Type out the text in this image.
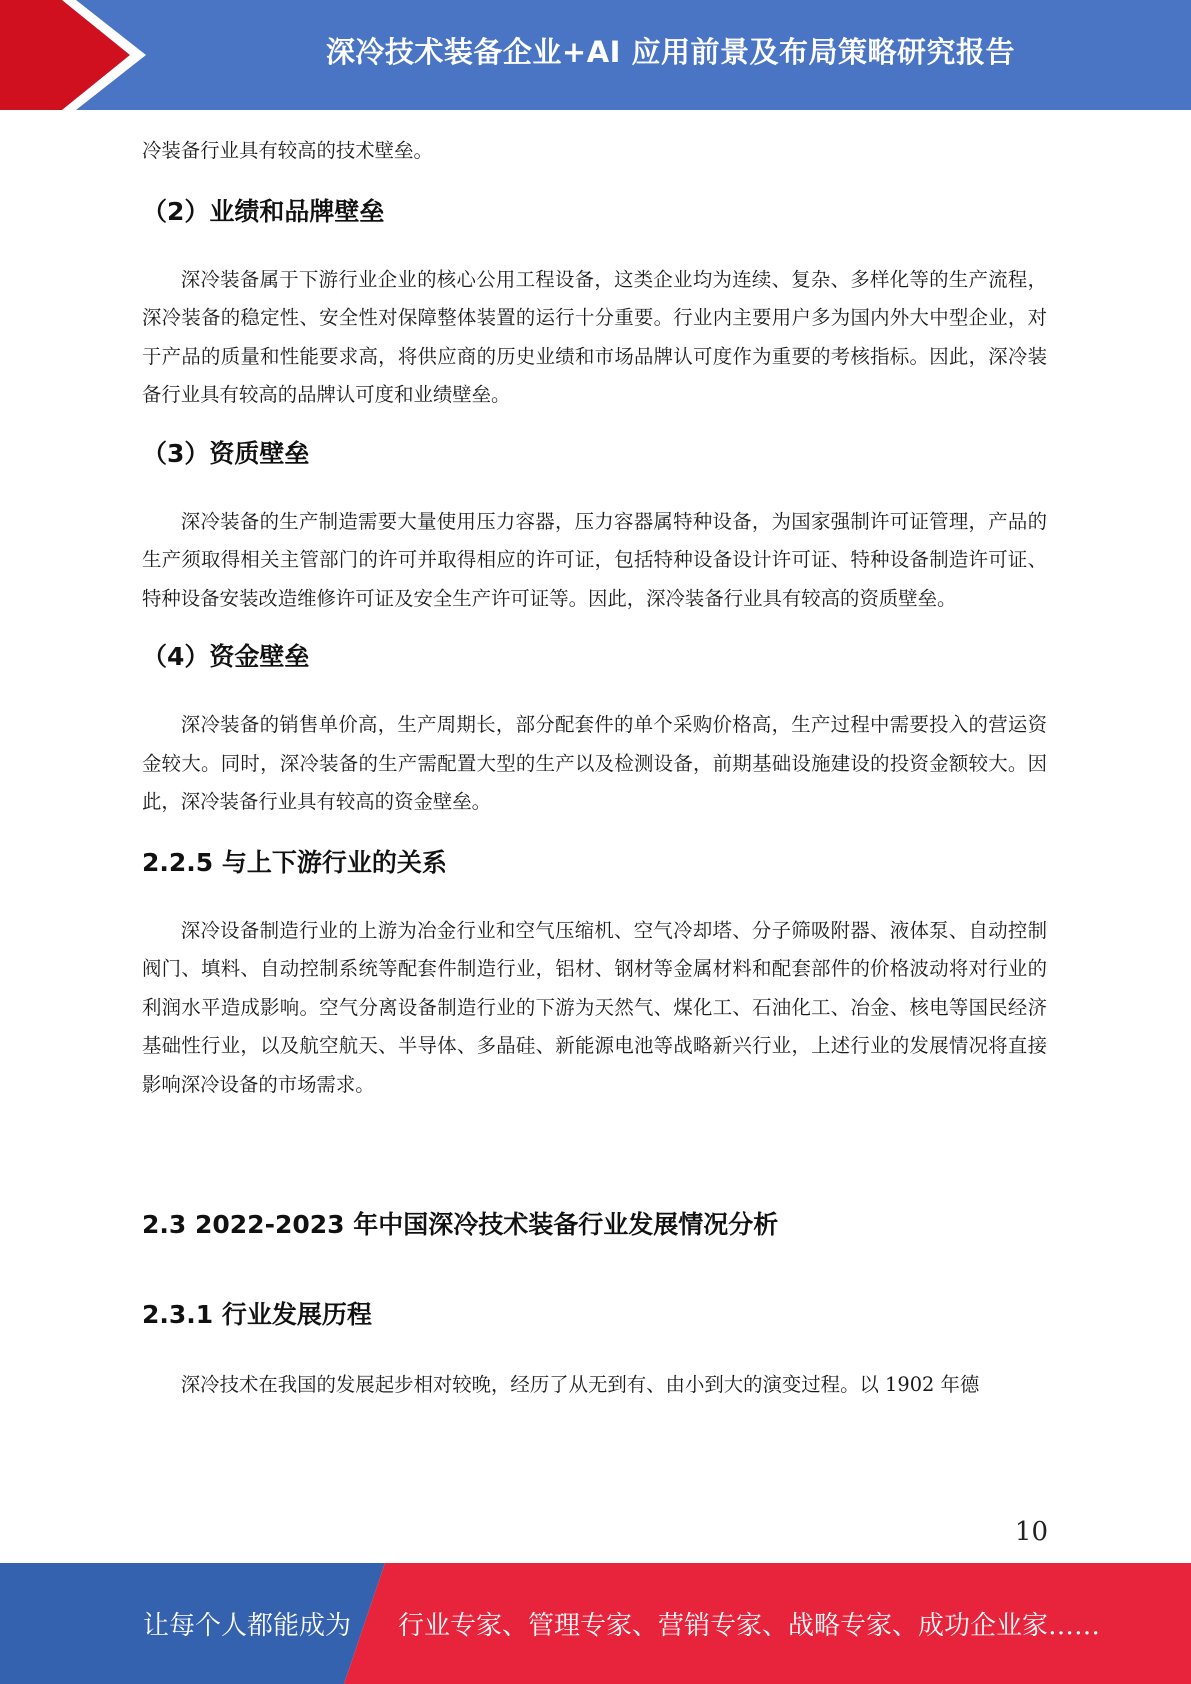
深冷技术装备企业+AI 应用前景及布局策略研究报告

冷装备行业具有较高的技术壁垒。

（2）业绩和品牌壁垒

深冷装备属于下游行业企业的核心公用工程设备，这类企业均为连续、复杂、多样化等的生产流程，深冷装备的稳定性、安全性对保障整体装置的运行十分重要。行业内主要用户多为国内外大中型企业，对于产品的质量和性能要求高，将供应商的历史业绩和市场品牌认可度作为重要的考核指标。因此，深冷装备行业具有较高的品牌认可度和业绩壁垒。

（3）资质壁垒

深冷装备的生产制造需要大量使用压力容器，压力容器属特种设备，为国家强制许可证管理，产品的生产须取得相关主管部门的许可并取得相应的许可证，包括特种设备设计许可证、特种设备制造许可证、特种设备安装改造维修许可证及安全生产许可证等。因此，深冷装备行业具有较高的资质壁垒。

（4）资金壁垒

深冷装备的销售单价高，生产周期长，部分配套件的单个采购价格高，生产过程中需要投入的营运资金较大。同时，深冷装备的生产需配置大型的生产以及检测设备，前期基础设施建设的投资金额较大。因此，深冷装备行业具有较高的资金壁垒。

2.2.5 与上下游行业的关系

深冷设备制造行业的上游为冶金行业和空气压缩机、空气冷却塔、分子筛吸附器、液体泵、自动控制阀门、填料、自动控制系统等配套件制造行业，铝材、钢材等金属材料和配套部件的价格波动将对行业的利润水平造成影响。空气分离设备制造行业的下游为天然气、煤化工、石油化工、冶金、核电等国民经济基础性行业，以及航空航天、半导体、多晶硅、新能源电池等战略新兴行业，上述行业的发展情况将直接影响深冷设备的市场需求。

2.3 2022-2023 年中国深冷技术装备行业发展情况分析
2.3.1 行业发展历程

深冷技术在我国的发展起步相对较晚，经历了从无到有、由小到大的演变过程。以 1902 年德

10
让每个人都能成为 行业专家、管理专家、营销专家、战略专家、成功企业家……
